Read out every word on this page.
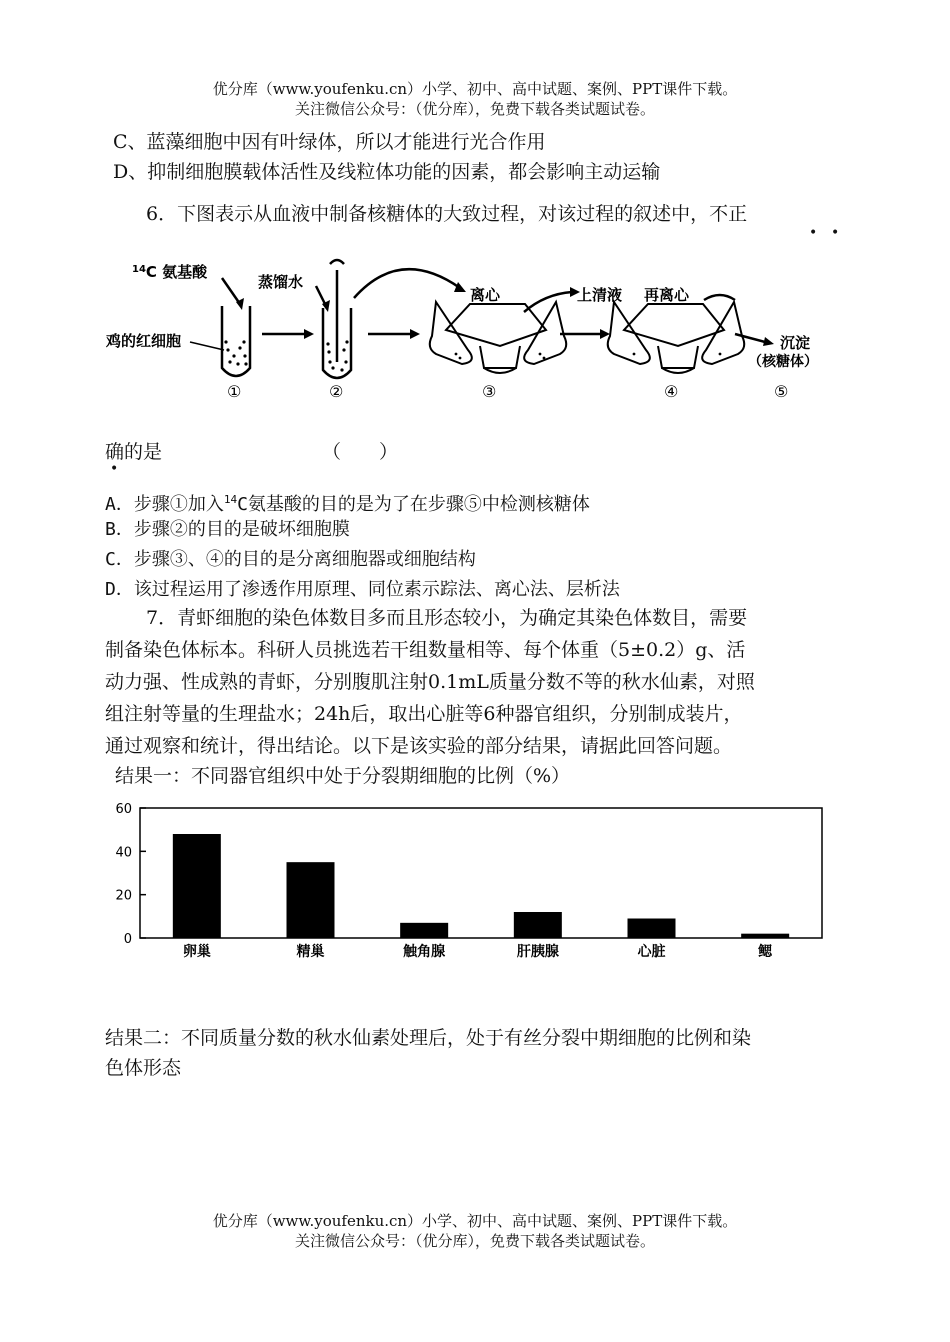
优分库（www.youfenku.cn）小学、初中、高中试题、案例、PPT课件下载。
关注微信公众号：（优分库），免费下载各类试题试卷。
C、蓝藻细胞中因有叶绿体，所以才能进行光合作用
D、抑制细胞膜载体活性及线粒体功能的因素，都会影响主动运输
6．下图表示从血液中制备核糖体的大致过程，对该过程的叙述中，不正
• •
$^{14}$C 氨基酸
鸡的红细胞
蒸馏水
离心	上清液 再离心
沉淀
（核糖体）
①	②	③	④	⑤
确的是
•
（　　）
A．步骤①加入$^{14}$C氨基酸的目的是为了在步骤⑤中检测核糖体
B．步骤②的目的是破坏细胞膜
C．步骤③、④的目的是分离细胞器或细胞结构
D．该过程运用了渗透作用原理、同位素示踪法、离心法、层析法
7．青虾细胞的染色体数目多而且形态较小，为确定其染色体数目，需要
制备染色体标本。科研人员挑选若干组数量相等、每个体重（5±0.2）g、活
动力强、性成熟的青虾，分别腹肌注射0.1mL质量分数不等的秋水仙素，对照
组注射等量的生理盐水；24h后，取出心脏等6种器官组织，分别制成装片，
通过观察和统计，得出结论。以下是该实验的部分结果，请据此回答问题。
结果一：不同器官组织中处于分裂期细胞的比例（%）
0
20
40
60
卵巢	精巢	触角腺	肝胰腺	心脏	鳃
结果二：不同质量分数的秋水仙素处理后，处于有丝分裂中期细胞的比例和染
色体形态
优分库（www.youfenku.cn）小学、初中、高中试题、案例、PPT课件下载。
关注微信公众号：（优分库），免费下载各类试题试卷。
